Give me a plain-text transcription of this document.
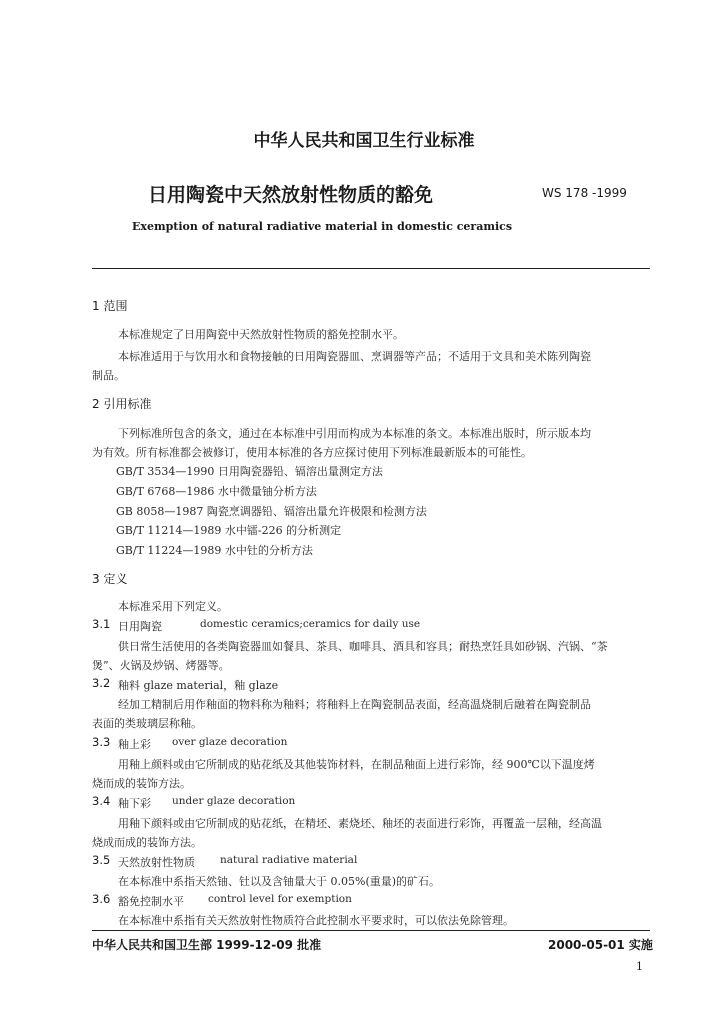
中华人民共和国卫生行业标准
日用陶瓷中天然放射性物质的豁免	WS 178 -1999
Exemption of natural radiative material in domestic ceramics
1 范围
本标准规定了日用陶瓷中天然放射性物质的豁免控制水平。
本标准适用于与饮用水和食物接触的日用陶瓷器皿、烹调器等产品；不适用于文具和美术陈列陶瓷
制品。
2 引用标准
下列标准所包含的条文，通过在本标准中引用而构成为本标准的条文。本标准出版时，所示版本均
为有效。所有标准都会被修订，使用本标准的各方应探讨使用下列标准最新版本的可能性。
GB/T 3534—1990 日用陶瓷器铅、镉溶出量测定方法
GB/T 6768—1986 水中微量铀分析方法
GB 8058—1987 陶瓷烹调器铅、镉溶出量允许极限和检测方法
GB/T 11214—1989 水中镭-226 的分析测定
GB/T 11224—1989 水中钍的分析方法
3 定义
本标准采用下列定义。
3.1 日用陶瓷	domestic ceramics;ceramics for daily use
供日常生活使用的各类陶瓷器皿如餐具、茶具、咖啡具、酒具和容具；耐热烹饪具如砂锅、汽锅、“茶
煲”、火锅及炒锅、烤器等。
3.2 釉料 glaze material，釉 glaze
经加工精制后用作釉面的物料称为釉料；将釉料上在陶瓷制品表面，经高温烧制后融着在陶瓷制品
表面的类玻璃层称釉。
3.3 釉上彩 over glaze decoration
用釉上颜料或由它所制成的贴花纸及其他装饰材料，在制品釉面上进行彩饰，经 900℃以下温度烤
烧而成的装饰方法。
3.4 釉下彩 under glaze decoration
用釉下颜料或由它所制成的贴花纸，在精坯、素烧坯、釉坯的表面进行彩饰，再覆盖一层釉，经高温
烧成而成的装饰方法。
3.5 天然放射性物质 natural radiative material
在本标准中系指天然铀、钍以及含铀量大于 0.05%(重量)的矿石。
3.6 豁免控制水平 control level for exemption
在本标准中系指有关天然放射性物质符合此控制水平要求时，可以依法免除管理。
中华人民共和国卫生部 1999-12-09 批准	2000-05-01 实施
1
